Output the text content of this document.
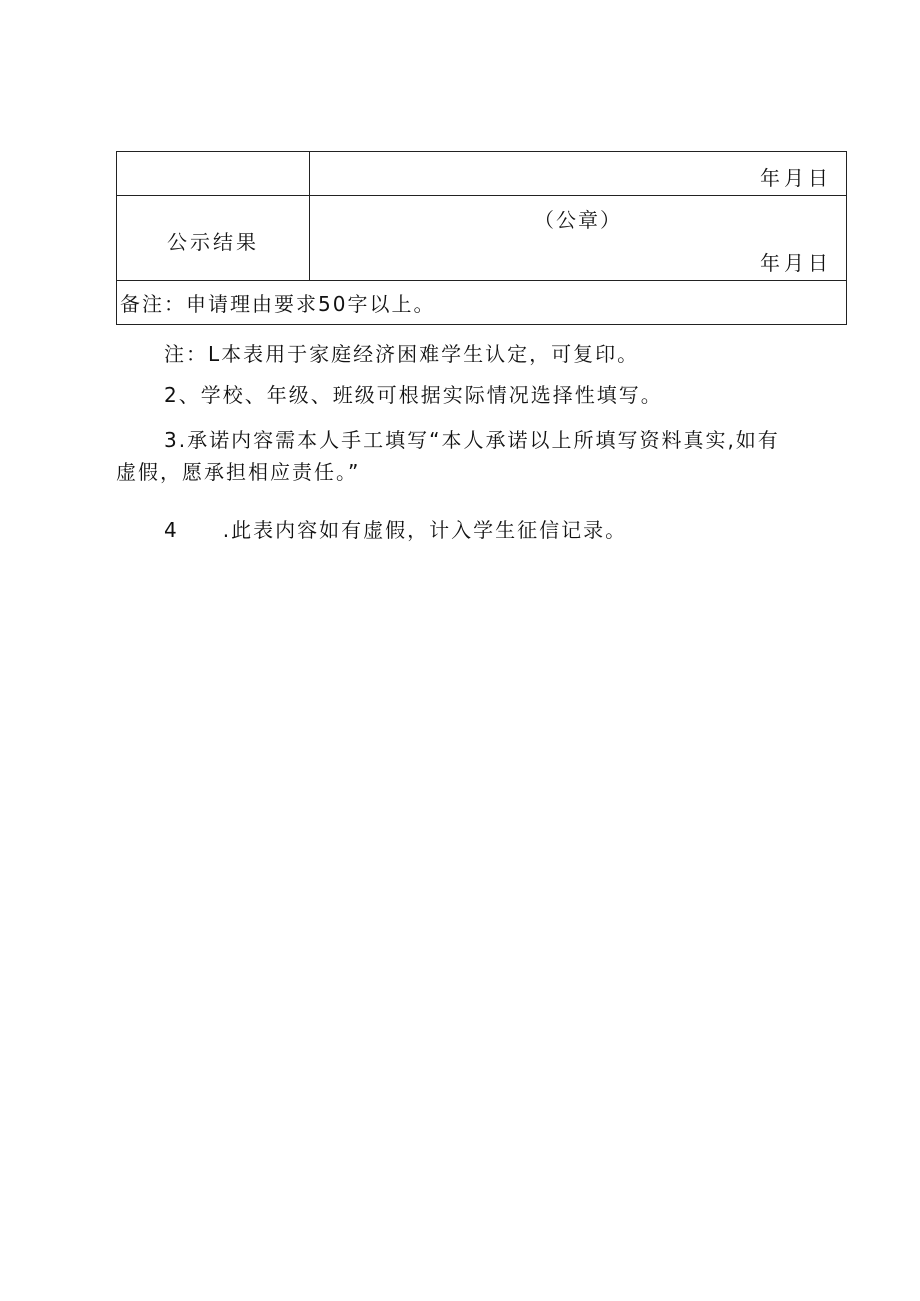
	年月日

公示结果	（公章）
年月日

备注：申请理由要求50字以上。	

注：L本表用于家庭经济困难学生认定，可复印。

2、学校、年级、班级可根据实际情况选择性填写。

3.承诺内容需本人手工填写“本人承诺以上所填写资料真实,如有

虚假，愿承担相应责任。”

4 .此表内容如有虚假，计入学生征信记录。
